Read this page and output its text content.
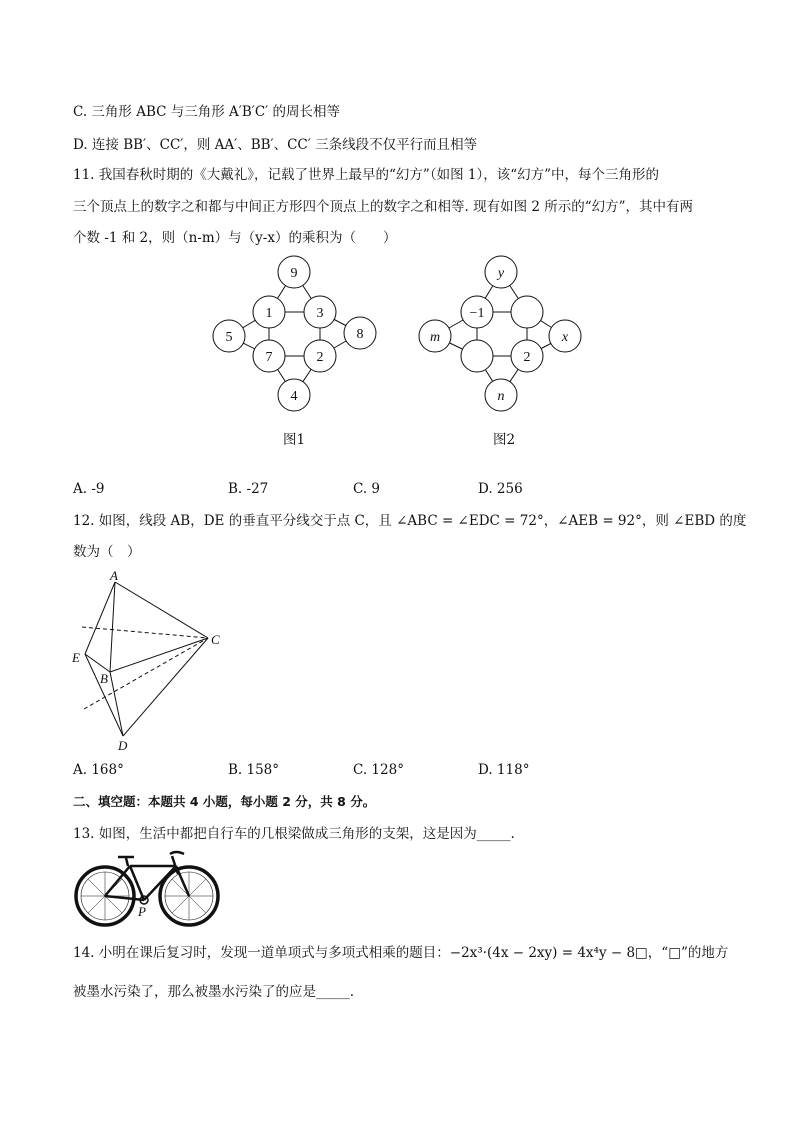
C. 三角形 ABC 与三角形 A′B′C′ 的周长相等
D. 连接 BB′、CC′，则 AA′、BB′、CC′ 三条线段不仅平行而且相等
11. 我国春秋时期的《大戴礼》，记载了世界上最早的“幻方”（如图 1），该“幻方”中，每个三角形的
三个顶点上的数字之和都与中间正方形四个顶点上的数字之和相等. 现有如图 2 所示的“幻方”，其中有两
个数 -1 和 2，则（n-m）与（y-x）的乘积为（　　）
9
1	3
5	8
7	2
4
图1
y
−1
m	x
2
n
图2
A. -9	B. -27	C. 9	D. 256
12. 如图，线段 AB，DE 的垂直平分线交于点 C，且 ∠ABC = ∠EDC = 72°，∠AEB = 92°，则 ∠EBD 的度
数为（　）
A
E
B
C
D
A. 168°	B. 158°	C. 128°	D. 118°
二、填空题：本题共 4 小题，每小题 2 分，共 8 分。
13. 如图，生活中都把自行车的几根梁做成三角形的支架，这是因为_____.
P
14. 小明在课后复习时，发现一道单项式与多项式相乘的题目：−2x³·(4x − 2xy) = 4x⁴y − 8□，“□”的地方
被墨水污染了，那么被墨水污染了的应是_____.
